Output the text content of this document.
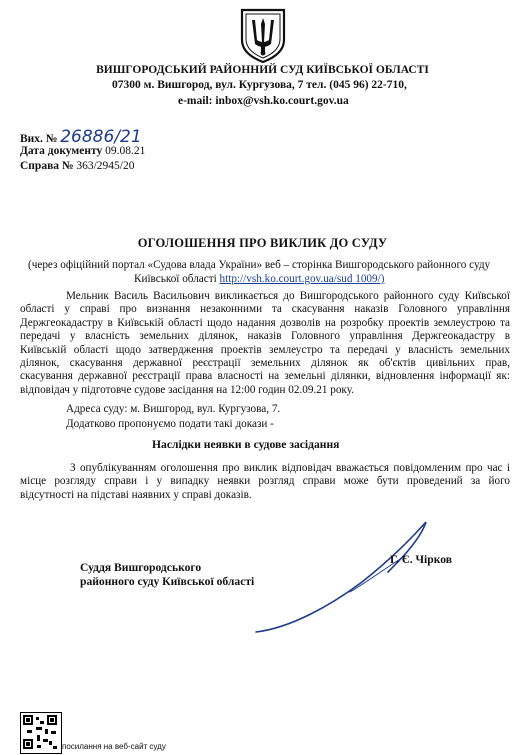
ВИШГОРОДСЬКИЙ РАЙОННИЙ СУД КИЇВСЬКОЇ ОБЛАСТІ
07300 м. Вишгород, вул. Кургузова, 7 тел. (045 96) 22-710,
e-mail: inbox@vsh.ko.court.gov.ua
Вих. № 26886/21
Дата документу 09.08.21
Справа № 363/2945/20
ОГОЛОШЕННЯ ПРО ВИКЛИК ДО СУДУ
(через офіційний портал «Судова влада України» веб – сторінка Вишгородського районного суду
Київської області http://vsh.ko.court.gov.ua/sud 1009/)
Мельник Василь Васильович викликається до Вишгородського районного суду Київської
області у справі про визнання незаконними та скасування наказів Головного управління
Держгеокадастру в Київській області щодо надання дозволів на розробку проектів землеустрою та
передачі у власність земельних ділянок, наказів Головного управління Держгеокадастру в
Київській області щодо затвердження проектів землеустро та передачі у власність земельних
ділянок, скасування державної реєстрації земельних ділянок як об'єктів цивільних прав,
скасування державної реєстрації права власності на земельні ділянки, відновлення інформації як:
відповідач у підготовче судове засідання на 12:00 годин 02.09.21 року.
Адреса суду: м. Вишгород, вул. Кургузова, 7.
Додатково пропонуємо подати такі докази -
Наслідки неявки в судове засідання
З опублікуванням оголошення про виклик відповідач вважається повідомленим про час і
місце розгляду справи і у випадку неявки розгляд справи може бути проведений за його
відсутності на підставі наявних у справі доказів.
Суддя Вишгородського
районного суду Київської області
Г. Є. Чірков
посилання на веб-сайт суду
